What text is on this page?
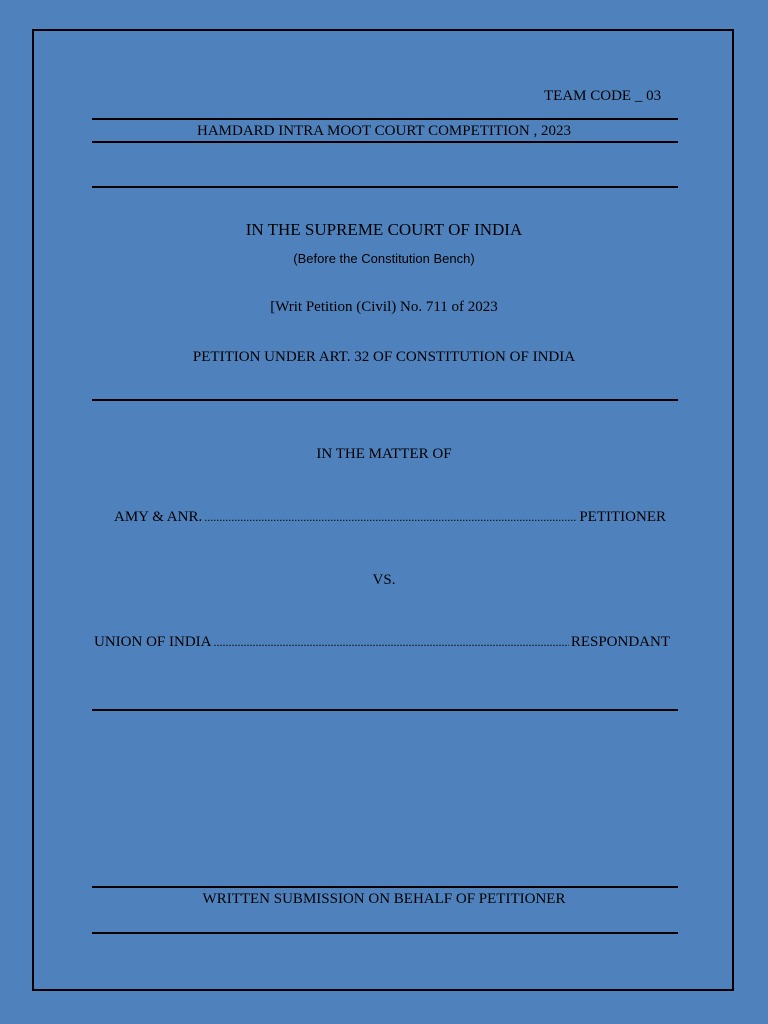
TEAM CODE _ 03
HAMDARD INTRA MOOT COURT COMPETITION , 2023
IN THE SUPREME COURT OF INDIA
(Before the Constitution Bench)
[Writ Petition (Civil) No. 711 of 2023
PETITION UNDER ART. 32 OF CONSTITUTION OF INDIA
IN THE MATTER OF
AMY & ANR. .....	PETITIONER
VS.
UNION OF INDIA .....	RESPONDANT
WRITTEN SUBMISSION ON BEHALF OF PETITIONER
